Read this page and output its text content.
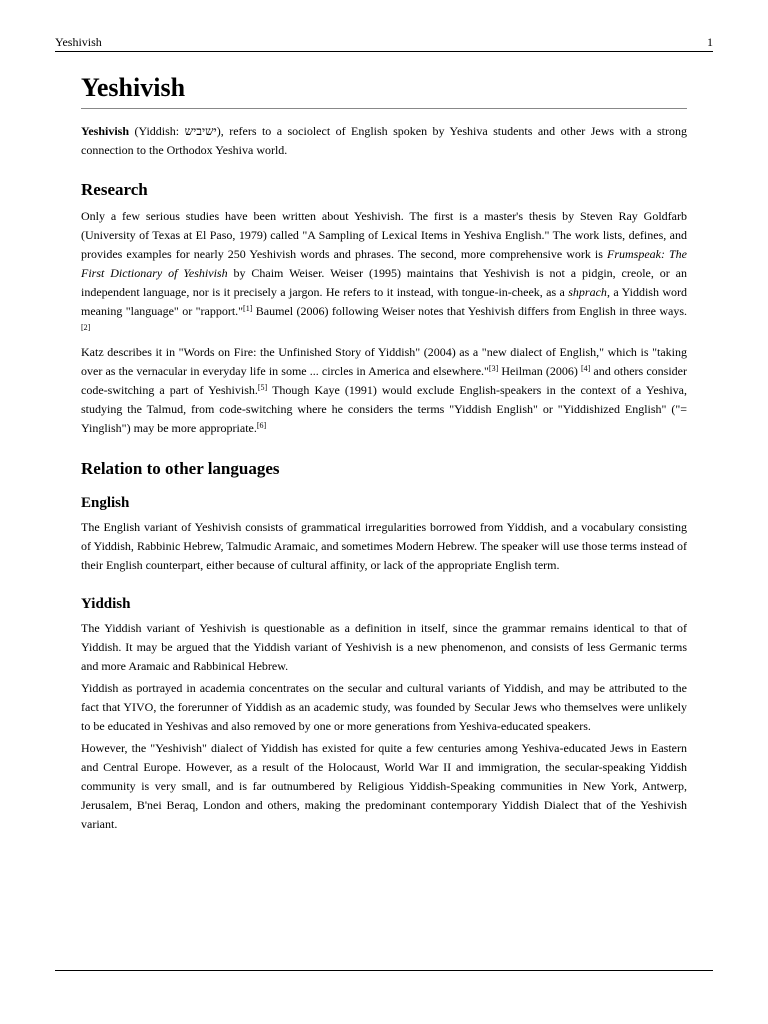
Yeshivish	1
Yeshivish

Yeshivish (Yiddish: ישיביש), refers to a sociolect of English spoken by Yeshiva students and other Jews with a strong connection to the Orthodox Yeshiva world.

Research

Only a few serious studies have been written about Yeshivish. The first is a master's thesis by Steven Ray Goldfarb (University of Texas at El Paso, 1979) called "A Sampling of Lexical Items in Yeshiva English." The work lists, defines, and provides examples for nearly 250 Yeshivish words and phrases. The second, more comprehensive work is Frumspeak: The First Dictionary of Yeshivish by Chaim Weiser. Weiser (1995) maintains that Yeshivish is not a pidgin, creole, or an independent language, nor is it precisely a jargon. He refers to it instead, with tongue-in-cheek, as a shprach, a Yiddish word meaning "language" or "rapport."[1] Baumel (2006) following Weiser notes that Yeshivish differs from English in three ways.[2]

Katz describes it in "Words on Fire: the Unfinished Story of Yiddish" (2004) as a "new dialect of English," which is "taking over as the vernacular in everyday life in some ... circles in America and elsewhere."[3] Heilman (2006) [4] and others consider code-switching a part of Yeshivish.[5] Though Kaye (1991) would exclude English-speakers in the context of a Yeshiva, studying the Talmud, from code-switching where he considers the terms "Yiddish English" or "Yiddishized English" ("= Yinglish") may be more appropriate.[6]

Relation to other languages
English

The English variant of Yeshivish consists of grammatical irregularities borrowed from Yiddish, and a vocabulary consisting of Yiddish, Rabbinic Hebrew, Talmudic Aramaic, and sometimes Modern Hebrew. The speaker will use those terms instead of their English counterpart, either because of cultural affinity, or lack of the appropriate English term.

Yiddish

The Yiddish variant of Yeshivish is questionable as a definition in itself, since the grammar remains identical to that of Yiddish. It may be argued that the Yiddish variant of Yeshivish is a new phenomenon, and consists of less Germanic terms and more Aramaic and Rabbinical Hebrew.

Yiddish as portrayed in academia concentrates on the secular and cultural variants of Yiddish, and may be attributed to the fact that YIVO, the forerunner of Yiddish as an academic study, was founded by Secular Jews who themselves were unlikely to be educated in Yeshivas and also removed by one or more generations from Yeshiva-educated speakers.

However, the "Yeshivish" dialect of Yiddish has existed for quite a few centuries among Yeshiva-educated Jews in Eastern and Central Europe. However, as a result of the Holocaust, World War II and immigration, the secular-speaking Yiddish community is very small, and is far outnumbered by Religious Yiddish-Speaking communities in New York, Antwerp, Jerusalem, B'nei Beraq, London and others, making the predominant contemporary Yiddish Dialect that of the Yeshivish variant.
